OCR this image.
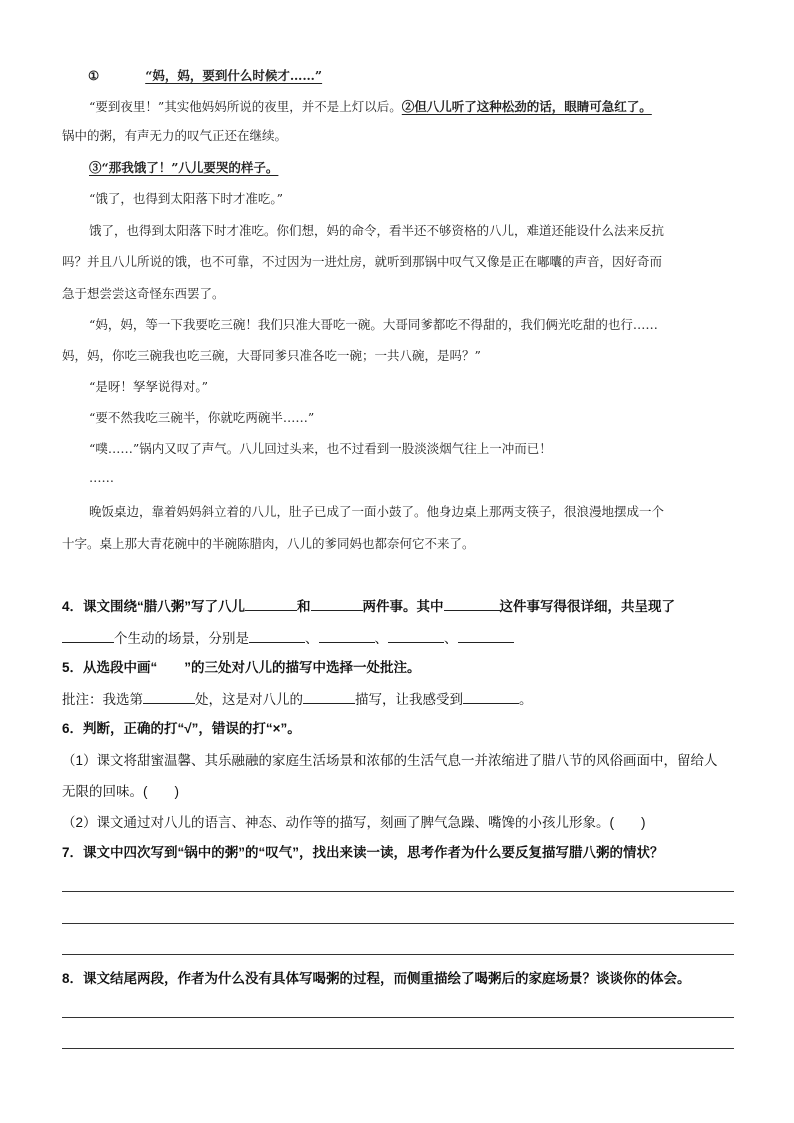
①	“妈，妈，要到什么时候才……”
“要到夜里！”其实他妈妈所说的夜里，并不是上灯以后。②但八儿听了这种松劲的话，眼睛可急红了。
锅中的粥，有声无力的叹气正还在继续。
③“那我饿了！”八儿要哭的样子。
“饿了，也得到太阳落下时才准吃。”
饿了，也得到太阳落下时才准吃。你们想，妈的命令，看半还不够资格的八儿，难道还能设什么法来反抗
吗？并且八儿所说的饿，也不可靠，不过因为一进灶房，就听到那锅中叹气又像是正在嘟囔的声音，因好奇而
急于想尝尝这奇怪东西罢了。
“妈，妈，等一下我要吃三碗！我们只准大哥吃一碗。大哥同爹都吃不得甜的，我们俩光吃甜的也行……
妈，妈，你吃三碗我也吃三碗，大哥同爹只准各吃一碗；一共八碗，是吗？”
“是呀！孥孥说得对。”
“要不然我吃三碗半，你就吃两碗半……”
“噗……”锅内又叹了声气。八儿回过头来，也不过看到一股淡淡烟气往上一冲而已！
……
晚饭桌边，靠着妈妈斜立着的八儿，肚子已成了一面小鼓了。他身边桌上那两支筷子，很浪漫地摆成一个
十字。桌上那大青花碗中的半碗陈腊肉，八儿的爹同妈也都奈何它不来了。
4．课文围绕“腊八粥”写了八儿	和	两件事。其中	这件事写得很详细，共呈现了
个生动的场景，分别是	、	、	、
5．从选段中画“　　”的三处对八儿的描写中选择一处批注。
批注：我选第	处，这是对八儿的	描写，让我感受到	。
6．判断，正确的打“√”，错误的打“×”。
（1）课文将甜蜜温馨、其乐融融的家庭生活场景和浓郁的生活气息一并浓缩进了腊八节的风俗画面中，留给人
无限的回味。(　　)
（2）课文通过对八儿的语言、神态、动作等的描写，刻画了脾气急躁、嘴馋的小孩儿形象。(　　)
7．课文中四次写到“锅中的粥”的“叹气”，找出来读一读，思考作者为什么要反复描写腊八粥的情状？
8．课文结尾两段，作者为什么没有具体写喝粥的过程，而侧重描绘了喝粥后的家庭场景？谈谈你的体会。
